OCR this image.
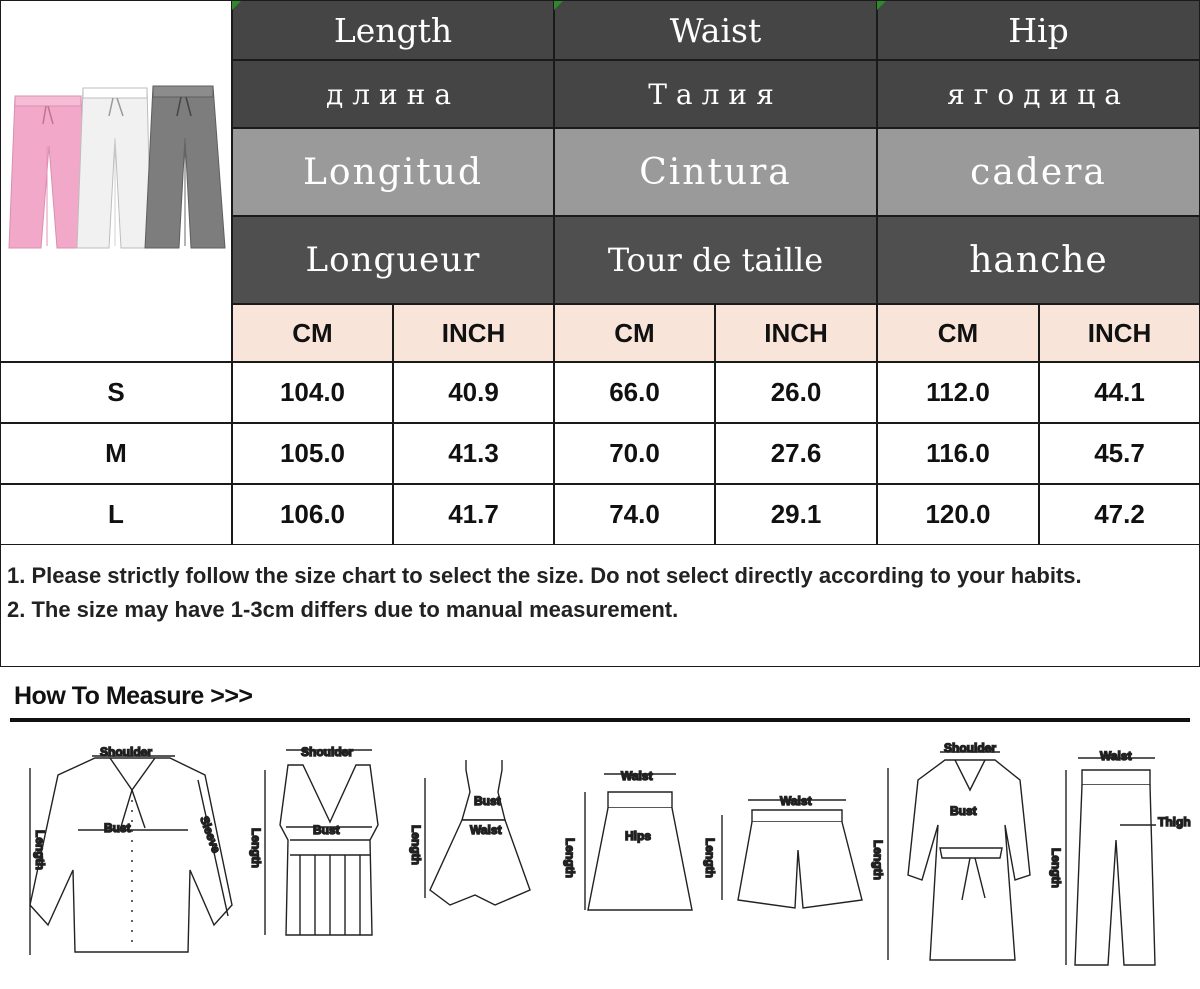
Length	Waist	Hip
длина	Талия	ягодица
Longitud	Cintura	cadera
Longueur	Tour de taille	hanche
CM	INCH	CM	INCH	CM	INCH
S	104.0	40.9	66.0	26.0	112.0	44.1
M	105.0	41.3	70.0	27.6	116.0	45.7
L	106.0	41.7	74.0	29.1	120.0	47.2
1. Please strictly follow the size chart to select the size. Do not select directly according to your habits.
2. The size may have 1-3cm differs due to manual measurement.
How To Measure >>>
Shoulder
Bust	Sleeve
Length
Shoulder
Bust
Length
Bust
Waist
Length
Waist
Hips
Length
Waist
Length
Shoulder
Bust
Length
Waist
Thigh
Length
